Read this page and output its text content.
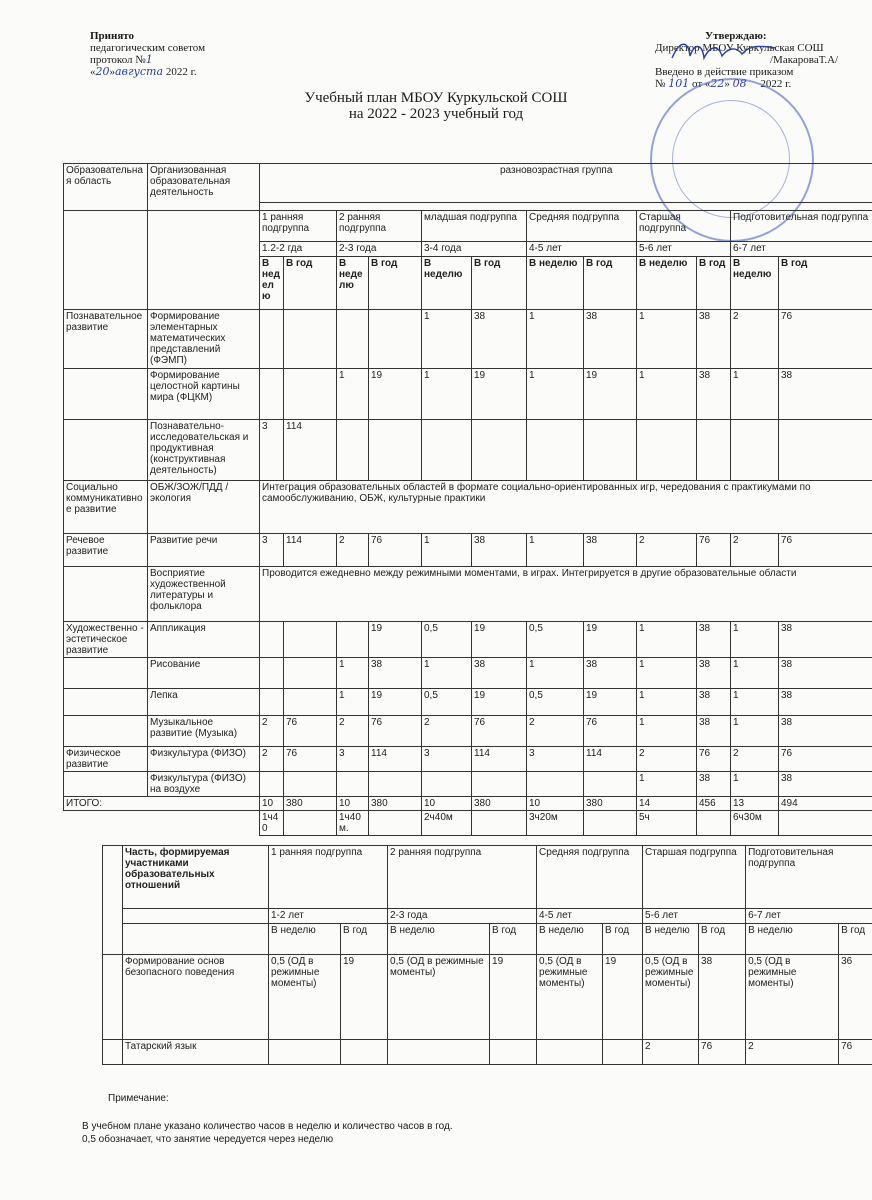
Принято
педагогическим советом
протокол №1
«20»августа 2022 г.
Утверждаю:
Директор МБОУ Куркульская СОШ
/МакароваТ.А/
Введено в действие приказом
№ 101 от «22» 08 2022 г.
Учебный план МБОУ Куркульской СОШ
на 2022 - 2023 учебный год
Образовательная область	Организованная образовательная деятельность	разновозрастная группа											

		1 ранняя подгруппа		2 ранняя подгруппа		младшая подгруппа		Средняя подгруппа		Старшая подгруппа		Подготовительная подгруппа	
		1.2-2 гда		2-3 года		3-4 года		4-5 лет		5-6 лет		6-7 лет	
		В неделю	В год	В неделю	В год	В неделю	В год	В неделю	В год	В неделю	В год	В неделю	В год
Познавательное развитие	Формирование элементарных математических представлений (ФЭМП)					1	38	1	38	1	38	2	76
	Формирование целостной картины мира (ФЦКМ)			1	19	1	19	1	19	1	38	1	38
	Познавательно-исследовательская и продуктивная (конструктивная деятельность)	3	114										
Социально коммуникативное развитие	ОБЖ/ЗОЖ/ПДД /экология	Интеграция образовательных областей в формате социально-ориентированных игр, чередования с практикумами по самообслуживанию, ОБЖ, культурные практики											
Речевое развитие	Развитие речи	3	114	2	76	1	38	1	38	2	76	2	76
	Восприятие художественной литературы и фольклора	Проводится ежедневно между режимными моментами, в играх. Интегрируется в другие образовательные области											
Художественно - эстетическое развитие	Аппликация				19	0,5	19	0,5	19	1	38	1	38
	Рисование			1	38	1	38	1	38	1	38	1	38
	Лепка			1	19	0,5	19	0,5	19	1	38	1	38
	Музыкальное развитие (Музыка)	2	76	2	76	2	76	2	76	1	38	1	38
Физическое развитие	Физкультура (ФИЗО)	2	76	3	114	3	114	3	114	2	76	2	76
	Физкультура (ФИЗО) на воздухе									1	38	1	38
ИТОГО:		10	380	10	380	10	380	10	380	14	456	13	494
		1ч40		1ч40 м.		2ч40м		3ч20м		5ч		6ч30м	
	Часть, формируемая участниками образовательных отношений	1 ранняя подгруппа		2 ранняя подгруппа		Средняя подгруппа		Старшая подгруппа		Подготовительная подгруппа	
		1-2 лет		2-3 года		4-5 лет		5-6 лет		6-7 лет	
		В неделю	В год	В неделю	В год	В неделю	В год	В неделю	В год	В неделю	В год
	Формирование основ безопасного поведения	0,5 (ОД в режимные моменты)	19	0,5 (ОД в режимные моменты)	19	0,5 (ОД в режимные моменты)	19	0,5 (ОД в режимные моменты)	38	0,5 (ОД в режимные моменты)	36
	Татарский язык							2	76	2	76
Примечание:
В учебном плане указано количество часов в неделю и количество часов в год.
0,5 обозначает, что занятие чередуется через неделю
